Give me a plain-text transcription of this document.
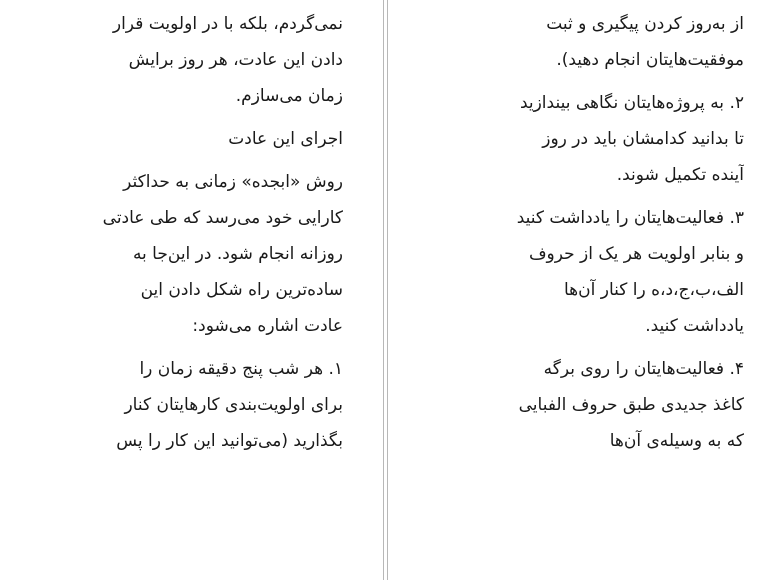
نمی‌گردم، بلکه با در اولویت قرار
دادن این عادت، هر روز برایش
زمان می‌سازم.
اجرای این عادت
روش «ابجده» زمانی به حداکثر
کارایی خود می‌رسد که طی عادتی
روزانه انجام شود. در این‌جا به
ساده‌ترین راه شکل دادن این
عادت اشاره می‌شود:
۱. هر شب پنج دقیقه زمان را
برای اولویت‌بندی کارهایتان کنار
بگذارید (می‌توانید این کار را پس
از به‌روز کردن پیگیری و ثبت
موفقیت‌هایتان انجام دهید).
۲. به پروژه‌هایتان نگاهی بیندازید
تا بدانید کدامشان باید در روز
آینده تکمیل شوند.
۳. فعالیت‌هایتان را یادداشت کنید
و بنابر اولویت هر یک از حروف
الف،ب،ج،د،ه را کنار آن‌ها
یادداشت کنید.
۴. فعالیت‌هایتان را روی برگه
کاغذ جدیدی طبق حروف الفبایی
که به وسیله‌ی آن‌ها
